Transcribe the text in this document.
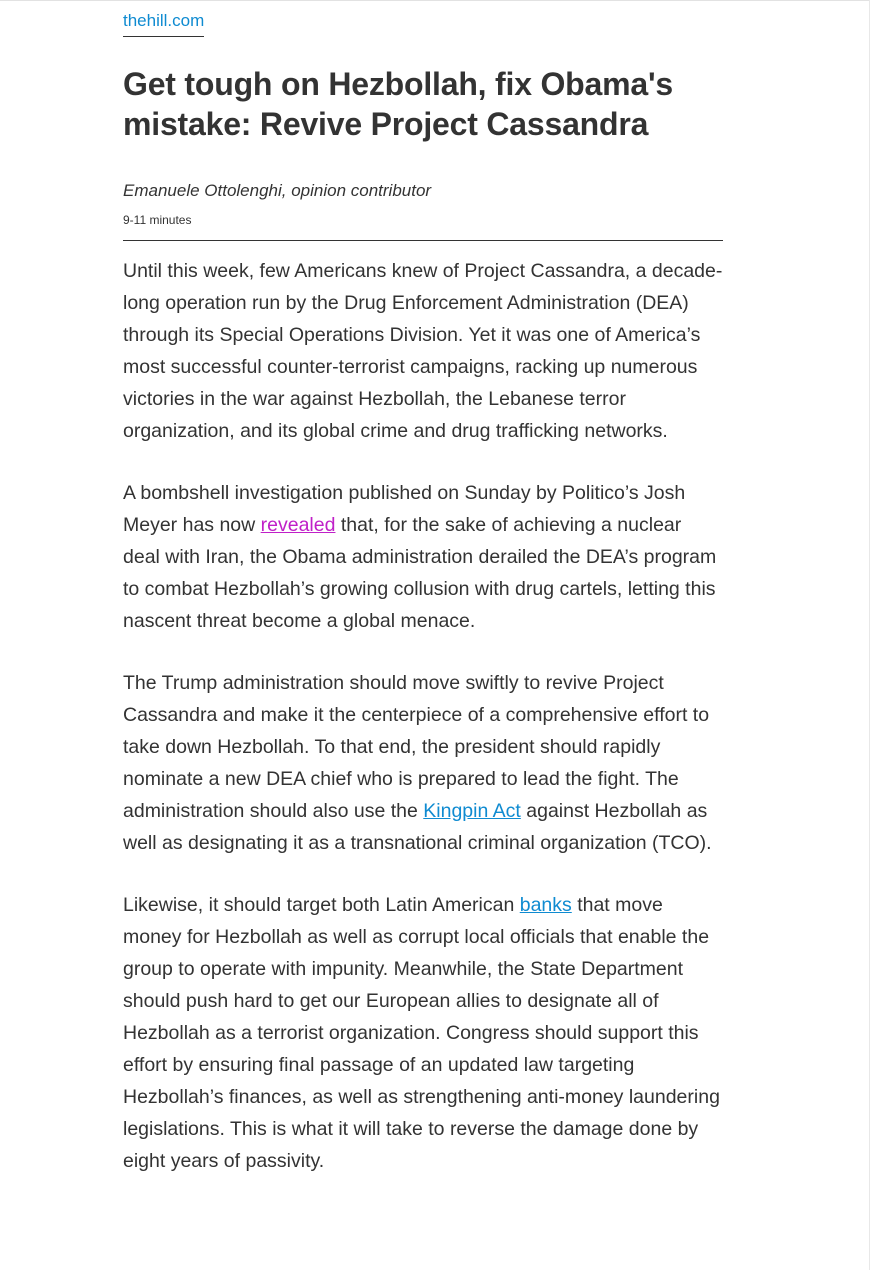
thehill.com
Get tough on Hezbollah, fix Obama's mistake: Revive Project Cassandra
Emanuele Ottolenghi, opinion contributor
9-11 minutes

Until this week, few Americans knew of Project Cassandra, a decade-long operation run by the Drug Enforcement Administration (DEA) through its Special Operations Division. Yet it was one of America’s most successful counter-terrorist campaigns, racking up numerous victories in the war against Hezbollah, the Lebanese terror organization, and its global crime and drug trafficking networks.

A bombshell investigation published on Sunday by Politico’s Josh Meyer has now revealed that, for the sake of achieving a nuclear deal with Iran, the Obama administration derailed the DEA’s program to combat Hezbollah’s growing collusion with drug cartels, letting this nascent threat become a global menace.

The Trump administration should move swiftly to revive Project Cassandra and make it the centerpiece of a comprehensive effort to take down Hezbollah. To that end, the president should rapidly nominate a new DEA chief who is prepared to lead the fight. The administration should also use the Kingpin Act against Hezbollah as well as designating it as a transnational criminal organization (TCO).

Likewise, it should target both Latin American banks that move money for Hezbollah as well as corrupt local officials that enable the group to operate with impunity. Meanwhile, the State Department should push hard to get our European allies to designate all of Hezbollah as a terrorist organization. Congress should support this effort by ensuring final passage of an updated law targeting Hezbollah’s finances, as well as strengthening anti-money laundering legislations. This is what it will take to reverse the damage done by eight years of passivity.
